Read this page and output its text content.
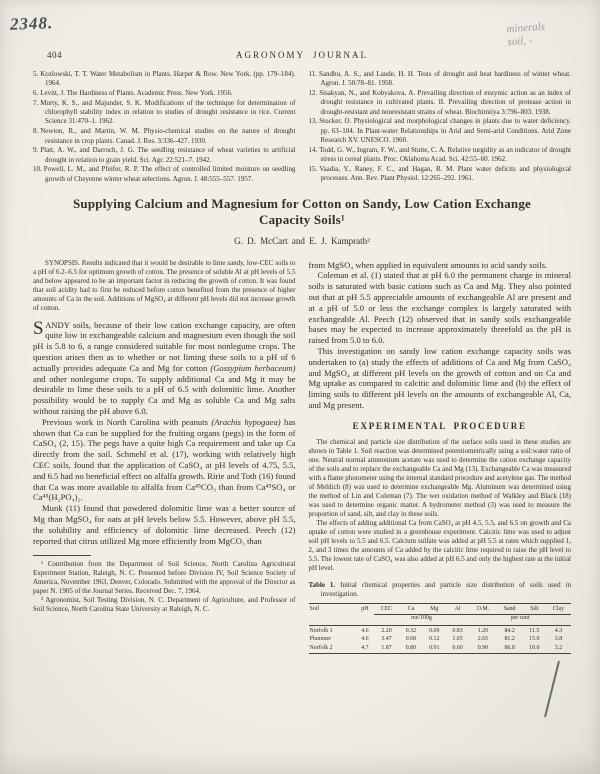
2348.	minerals
soil, -
404	AGRONOMY JOURNAL
5. Kozlowski, T. T. Water Metabolism in Plants. Harper & Row. New York. (pp. 179–184). 1964.
6. Levitt, J. The Hardiness of Plants. Academic Press. New York. 1956.
7. Murty, K. S., and Majunder, S. K. Modifications of the technique for determination of chlorophyll stability index in relation to studies of drought resistance in rice. Current Science 31:470–1. 1962.
8. Newton, R., and Martin, W. M. Physio-chemical studies on the nature of drought resistance in crop plants. Canad. J. Res. 3:336–427. 1930.
9. Platt, A. W., and Darroch, J. G. The seedling resistance of wheat varieties to artificial drought in relation to grain yield. Sci. Agr. 22:521–7. 1942.
10. Powell, L. M., and Pfeifer, R. P. The effect of controlled limited moisture on seedling growth of Cheyenne winter wheat selections. Agron. J. 48:555–557. 1957.
11. Sandhu, A. S., and Laude, H. H. Tests of drought and heat hardiness of winter wheat. Agron. J. 50:78–81. 1958.
12. Sisakyan, N., and Kobyakova, A. Prevailing direction of enzymic action as an index of drought resistance in cultivated plants. II. Prevailing direction of protease action in drought-resistant and nonresistant strains of wheat. Biochimiiya 3:796–803. 1938.
13. Stocker, O. Physiological and morphological changes in plants due to water deficiency. pp. 63–104. In Plant-water Relationships in Arid and Semi-arid Conditions. Arid Zone Research XV. UNESCO. 1960.
14. Todd, G. W., Ingram, F. W., and Stutte, C. A. Relative turgidity as an indicator of drought stress in cereal plants. Proc. Oklahoma Acad. Sci. 42:55–60. 1962.
15. Vaadia, Y., Raney, F. C., and Hagan, R. M. Plant water deficits and physiological processes. Ann. Rev. Plant Physiol. 12:265–292. 1961.
Supplying Calcium and Magnesium for Cotton on Sandy, Low Cation Exchange Capacity Soils¹
G. D. McCart and E. J. Kamprath²
SYNOPSIS. Results indicated that it would be desirable to lime sandy, low-CEC soils to a pH of 6.2–6.5 for optimum growth of cotton. The presence of soluble Al at pH levels of 5.5 and below appeared to be an important factor in reducing the growth of cotton. It was found that soil acidity had to first be reduced before cotton benefited from the presence of higher amounts of Ca in the soil. Additions of MgSO₄ at different pH levels did not increase growth of cotton.
SANDY soils, because of their low cation exchange capacity, are often quite low in exchangeable calcium and magnesium even though the soil pH is 5.8 to 6, a range considered suitable for most nonlegume crops. The question arises then as to whether or not liming these soils to a pH of 6 actually provides adequate Ca and Mg for cotton (Gossypium herbaceum) and other nonlegume crops. To supply additional Ca and Mg it may be desirable to lime these soils to a pH of 6.5 with dolomitic lime. Another possibility would be to supply Ca and Mg as soluble Ca and Mg salts without raising the pH above 6.0.
Previous work in North Carolina with peanuts (Arachis hypogaea) has shown that Ca can be supplied for the fruiting organs (pegs) in the form of CaSO₄ (2, 15). The pegs have a quite high Ca requirement and take up Ca directly from the soil. Schmehl et al. (17), working with relatively high CEC soils, found that the application of CaSO₄ at pH levels of 4.75, 5.5, and 6.5 had no beneficial effect on alfalfa growth. Ririe and Toth (16) found that Ca was more available to alfalfa from Ca⁴⁵CO₃ than from Ca⁴⁵SO₄ or Ca⁴⁵(H₂PO₄)₂.
Munk (11) found that powdered dolomitic lime was a better source of Mg than MgSO₄ for oats at pH levels below 5.5. However, above pH 5.5, the solubility and efficiency of dolomitic lime decreased. Peech (12) reported that citrus utilized Mg more efficiently from MgCO₃ than
¹ Contribution from the Department of Soil Science, North Carolina Agricultural Experiment Station, Raleigh, N. C. Presented before Division IV, Soil Science Society of America, November 1963, Denver, Colorado. Submitted with the approval of the Director as paper N. 1905 of the Journal Series. Received Dec. 7, 1964.
² Agronomist, Soil Testing Division, N. C. Department of Agriculture, and Professor of Soil Science, North Carolina State University at Raleigh, N. C.
from MgSO₄ when applied in equivalent amounts to acid sandy soils.
Coleman et al. (1) stated that at pH 6.0 the permanent charge in mineral soils is saturated with basic cations such as Ca and Mg. They also pointed out that at pH 5.5 appreciable amounts of exchangeable Al are present and at a pH of 5.0 or less the exchange complex is largely saturated with exchangeable Al. Peech (12) observed that in sandy soils exchangeable bases may be expected to increase approximately threefold as the pH is raised from 5.0 to 6.0.
This investigation on sandy low cation exchange capacity soils was undertaken to (a) study the effects of additions of Ca and Mg from CaSO₄ and MgSO₄ at different pH levels on the growth of cotton and on Ca and Mg uptake as compared to calcitic and dolomitic lime and (b) the effect of liming soils to different pH levels on the amounts of exchangeable Al, Ca, and Mg present.
EXPERIMENTAL PROCEDURE
The chemical and particle size distribution of the surface soils used in these studies are shown in Table 1. Soil reaction was determined potentiometrically using a soil:water ratio of one. Neutral normal ammonium acetate was used to determine the cation exchange capacity of the soils and to replace the exchangeable Ca and Mg (13). Exchangeable Ca was measured with a flame photometer using the internal standard procedure and acetylene gas. The method of Mehlich (8) was used to determine exchangeable Mg. Aluminum was determined using the method of Lin and Coleman (7). The wet oxidation method of Walkley and Black (18) was used to determine organic matter. A hydrometer method (3) was used to measure the proportion of sand, silt, and clay in these soils.
The effects of adding additional Ca from CaSO₄ at pH 4.5, 5.5, and 6.5 on growth and Ca uptake of cotton were studied in a greenhouse experiment. Calcitic lime was used to adjust soil pH levels to 5.5 and 6.5. Calcium sulfate was added at pH 5.5 at rates which supplied 1, 2, and 3 times the amounts of Ca added by the calcitic lime required to raise the pH level to 5.5. The lowest rate of CaSO₄ was also added at pH 6.5 and only the highest rate at the initial pH level.
Table 1. Initial chemical properties and particle size distribution of soils used in investigation.
Soil	pH	CEC	Ca	Mg	Al	O.M.	Sand	Silt	Clay
		me/100g				per cent			
Norfolk 1	4.6	2.20	0.32	0.09	0.83	1.20	84.2	11.5	4.3
Plummer	4.6	3.47	0.68	0.12	1.65	2.65	81.2	15.0	3.8
Norfolk 2	4.7	1.87	0.80	0.01	0.60	0.90	86.8	10.0	3.2
